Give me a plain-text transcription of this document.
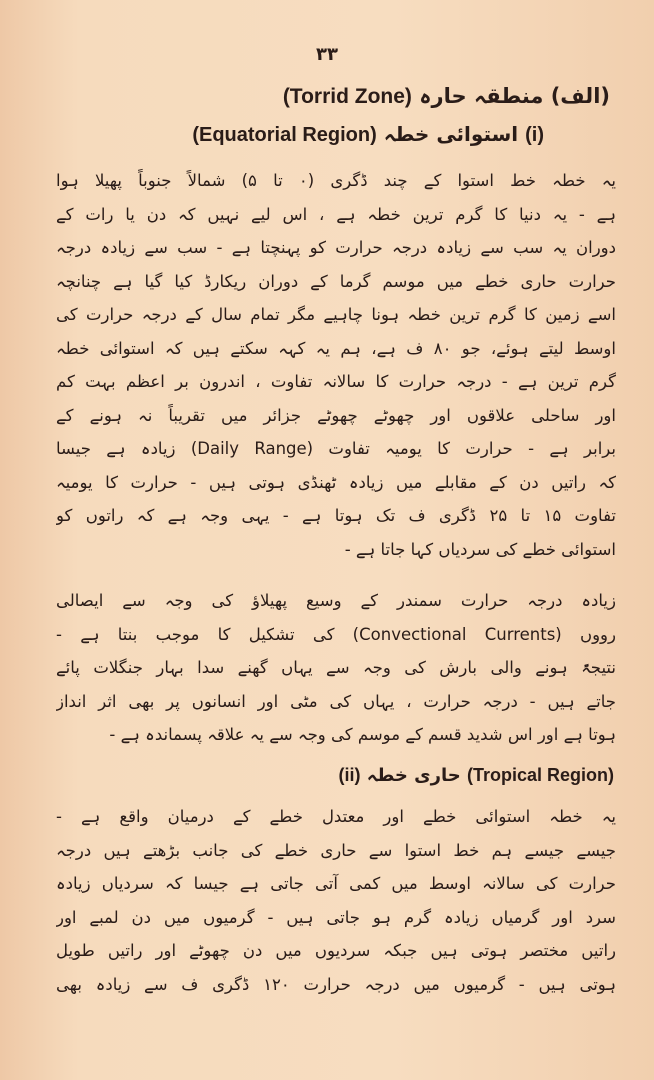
۳۳
(الف) منطقہ حارہ (Torrid Zone)
(i) استوائی خطہ (Equatorial Region)
یہ خطہ خط استوا کے چند ڈگری (۰ تا ۵) شمالاً جنوباً پھیلا ہوا
ہے - یہ دنیا کا گرم ترین خطہ ہے ، اس لیے نہیں کہ دن یا رات کے
دوران یہ سب سے زیادہ درجہ حرارت کو پہنچتا ہے - سب سے زیادہ درجہ
حرارت حاری خطے میں موسم گرما کے دوران ریکارڈ کیا گیا ہے چنانچہ
اسے زمین کا گرم ترین خطہ ہونا چاہیے مگر تمام سال کے درجہ حرارت کی
اوسط لیتے ہوئے، جو ۸۰ ف ہے، ہم یہ کہہ سکتے ہیں کہ استوائی خطہ
گرم ترین ہے - درجہ حرارت کا سالانہ تفاوت ، اندرون بر اعظم بہت کم
اور ساحلی علاقوں اور چھوٹے چھوٹے جزائر میں تقریباً نہ ہونے کے
برابر ہے - حرارت کا یومیہ تفاوت (Daily Range) زیادہ ہے جیسا
کہ راتیں دن کے مقابلے میں زیادہ ٹھنڈی ہوتی ہیں - حرارت کا یومیہ
تفاوت ۱۵ تا ۲۵ ڈگری ف تک ہوتا ہے - یہی وجہ ہے کہ راتوں کو
استوائی خطے کی سردیاں کہا جاتا ہے -
زیادہ درجہ حرارت سمندر کے وسیع پھیلاؤ کی وجہ سے ایصالی
رووں (Convectional Currents) کی تشکیل کا موجب بنتا ہے -
نتیجۃً ہونے والی بارش کی وجہ سے یہاں گھنے سدا بہار جنگلات پائے
جاتے ہیں - درجہ حرارت ، یہاں کی مٹی اور انسانوں پر بھی اثر انداز
ہوتا ہے اور اس شدید قسم کے موسم کی وجہ سے یہ علاقہ پسماندہ ہے -
(Tropical Region) حاری خطہ (ii)
یہ خطہ استوائی خطے اور معتدل خطے کے درمیان واقع ہے -
جیسے جیسے ہم خط استوا سے حاری خطے کی جانب بڑھتے ہیں درجہ
حرارت کی سالانہ اوسط میں کمی آتی جاتی ہے جیسا کہ سردیاں زیادہ
سرد اور گرمیاں زیادہ گرم ہو جاتی ہیں - گرمیوں میں دن لمبے اور
راتیں مختصر ہوتی ہیں جبکہ سردیوں میں دن چھوٹے اور راتیں طویل
ہوتی ہیں - گرمیوں میں درجہ حرارت ۱۲۰ ڈگری ف سے زیادہ بھی
